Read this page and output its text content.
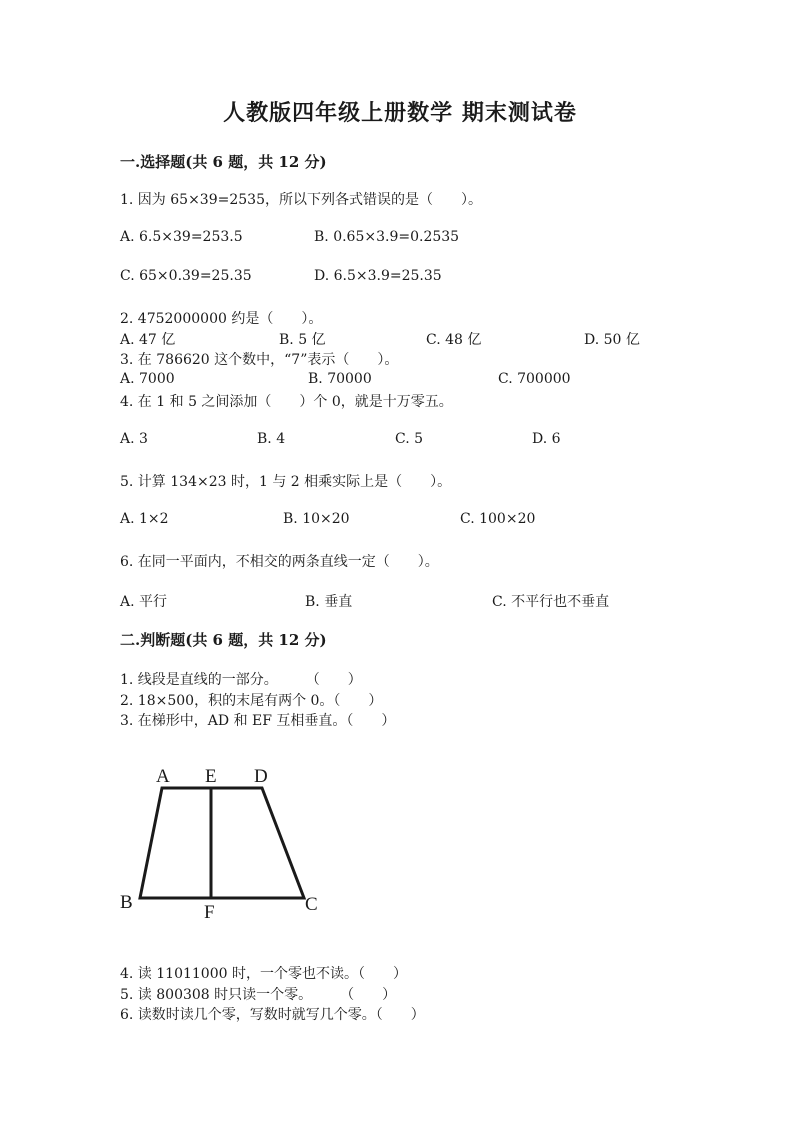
人教版四年级上册数学 期末测试卷
一.选择题(共 6 题，共 12 分)
1. 因为 65×39=2535，所以下列各式错误的是（　　）。
A. 6.5×39=253.5	B. 0.65×3.9=0.2535
C. 65×0.39=25.35	D. 6.5×3.9=25.35
2. 4752000000 约是（　　）。
A. 47 亿	B. 5 亿	C. 48 亿	D. 50 亿
3. 在 786620 这个数中，“7”表示（　　）。
A. 7000	B. 70000	C. 700000
4. 在 1 和 5 之间添加（　　）个 0，就是十万零五。
A. 3	B. 4	C. 5	D. 6
5. 计算 134×23 时，1 与 2 相乘实际上是（　　）。
A. 1×2	B. 10×20	C. 100×20
6. 在同一平面内，不相交的两条直线一定（　　）。
A. 平行	B. 垂直	C. 不平行也不垂直
二.判断题(共 6 题，共 12 分)
1. 线段是直线的一部分。　　　（　　）
2. 18×500，积的末尾有两个 0。（　　）
3. 在梯形中，AD 和 EF 互相垂直。（　　）
A E D
B	F	C
4. 读 11011000 时，一个零也不读。（　　）
5. 读 800308 时只读一个零。　　　（　　）
6. 读数时读几个零，写数时就写几个零。（　　）
